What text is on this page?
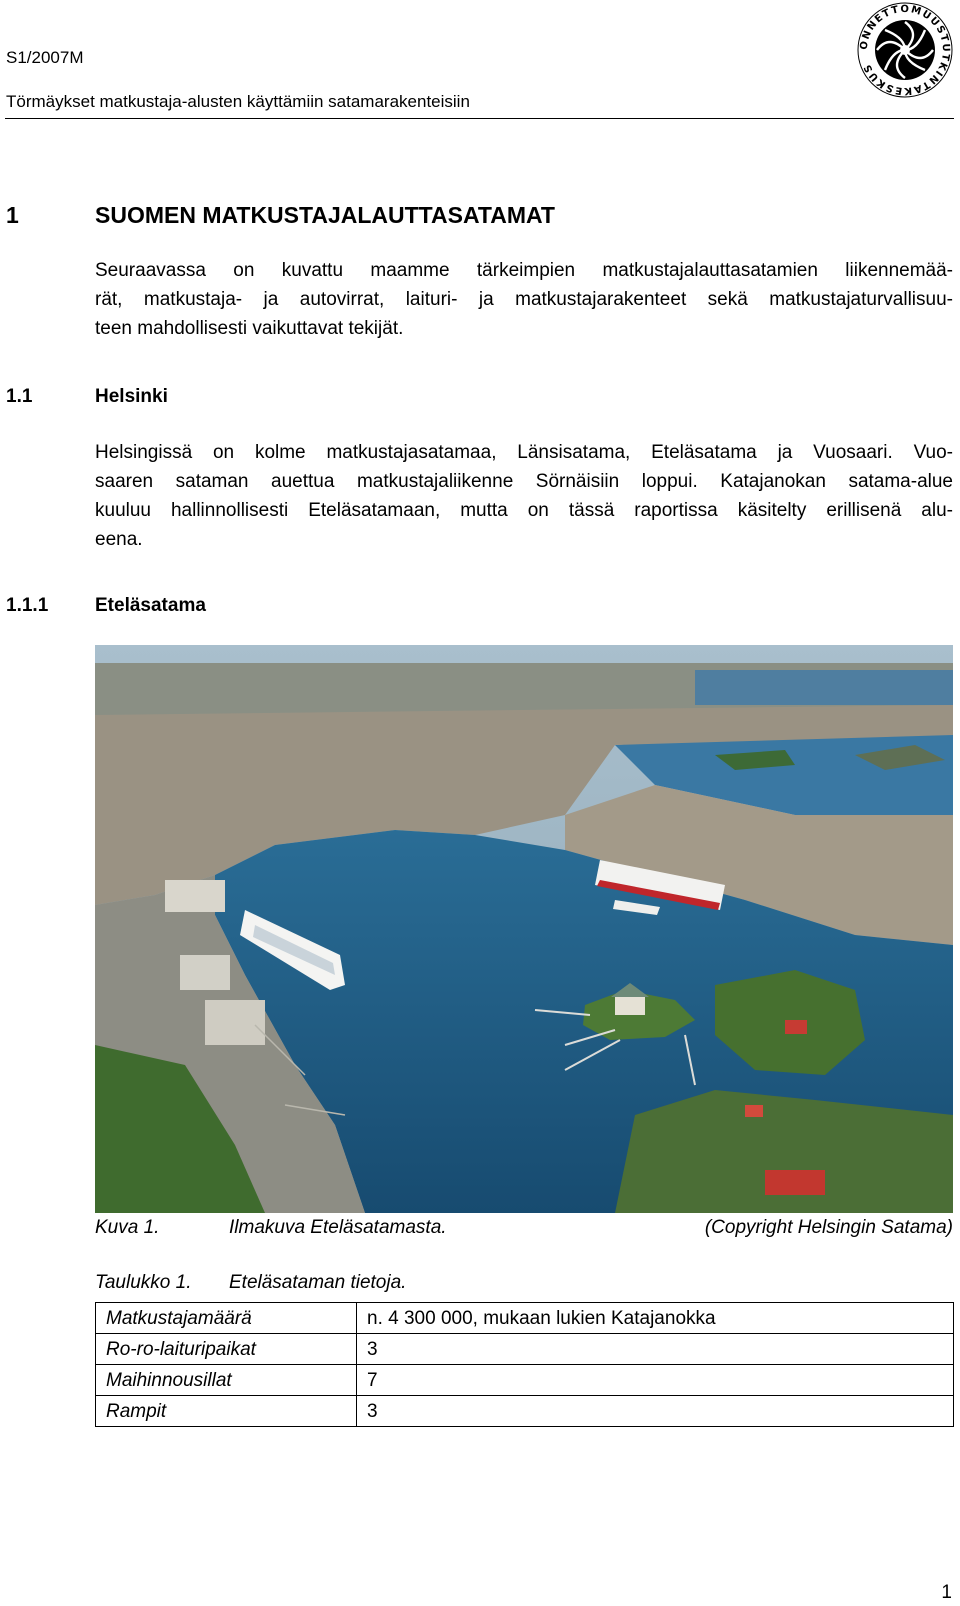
S1/2007M
Törmäykset matkustaja-alusten käyttämiin satamarakenteisiin
ONNETTOMUUSTUTKINTAKESKUS
1	SUOMEN MATKUSTAJALAUTTASATAMAT
Seuraavassa on kuvattu maamme tärkeimpien matkustajalauttasatamien liikennemää-
rät, matkustaja- ja autovirrat, laituri- ja matkustajarakenteet sekä matkustajaturvallisuu-
teen mahdollisesti vaikuttavat tekijät.
1.1	Helsinki
Helsingissä on kolme matkustajasatamaa, Länsisatama, Eteläsatama ja Vuosaari. Vuo-
saaren sataman auettua matkustajaliikenne Sörnäisiin loppui. Katajanokan satama-alue
kuuluu hallinnollisesti Eteläsatamaan, mutta on tässä raportissa käsitelty erillisenä alu-
eena.
1.1.1 Eteläsatama
Kuva 1.	Ilmakuva Eteläsatamasta.	(Copyright Helsingin Satama)
Taulukko 1. Eteläsataman tietoja.
Matkustajamäärä	n. 4 300 000, mukaan lukien Katajanokka
Ro-ro-laituripaikat	3
Maihinnousillat	7
Rampit	3
1
